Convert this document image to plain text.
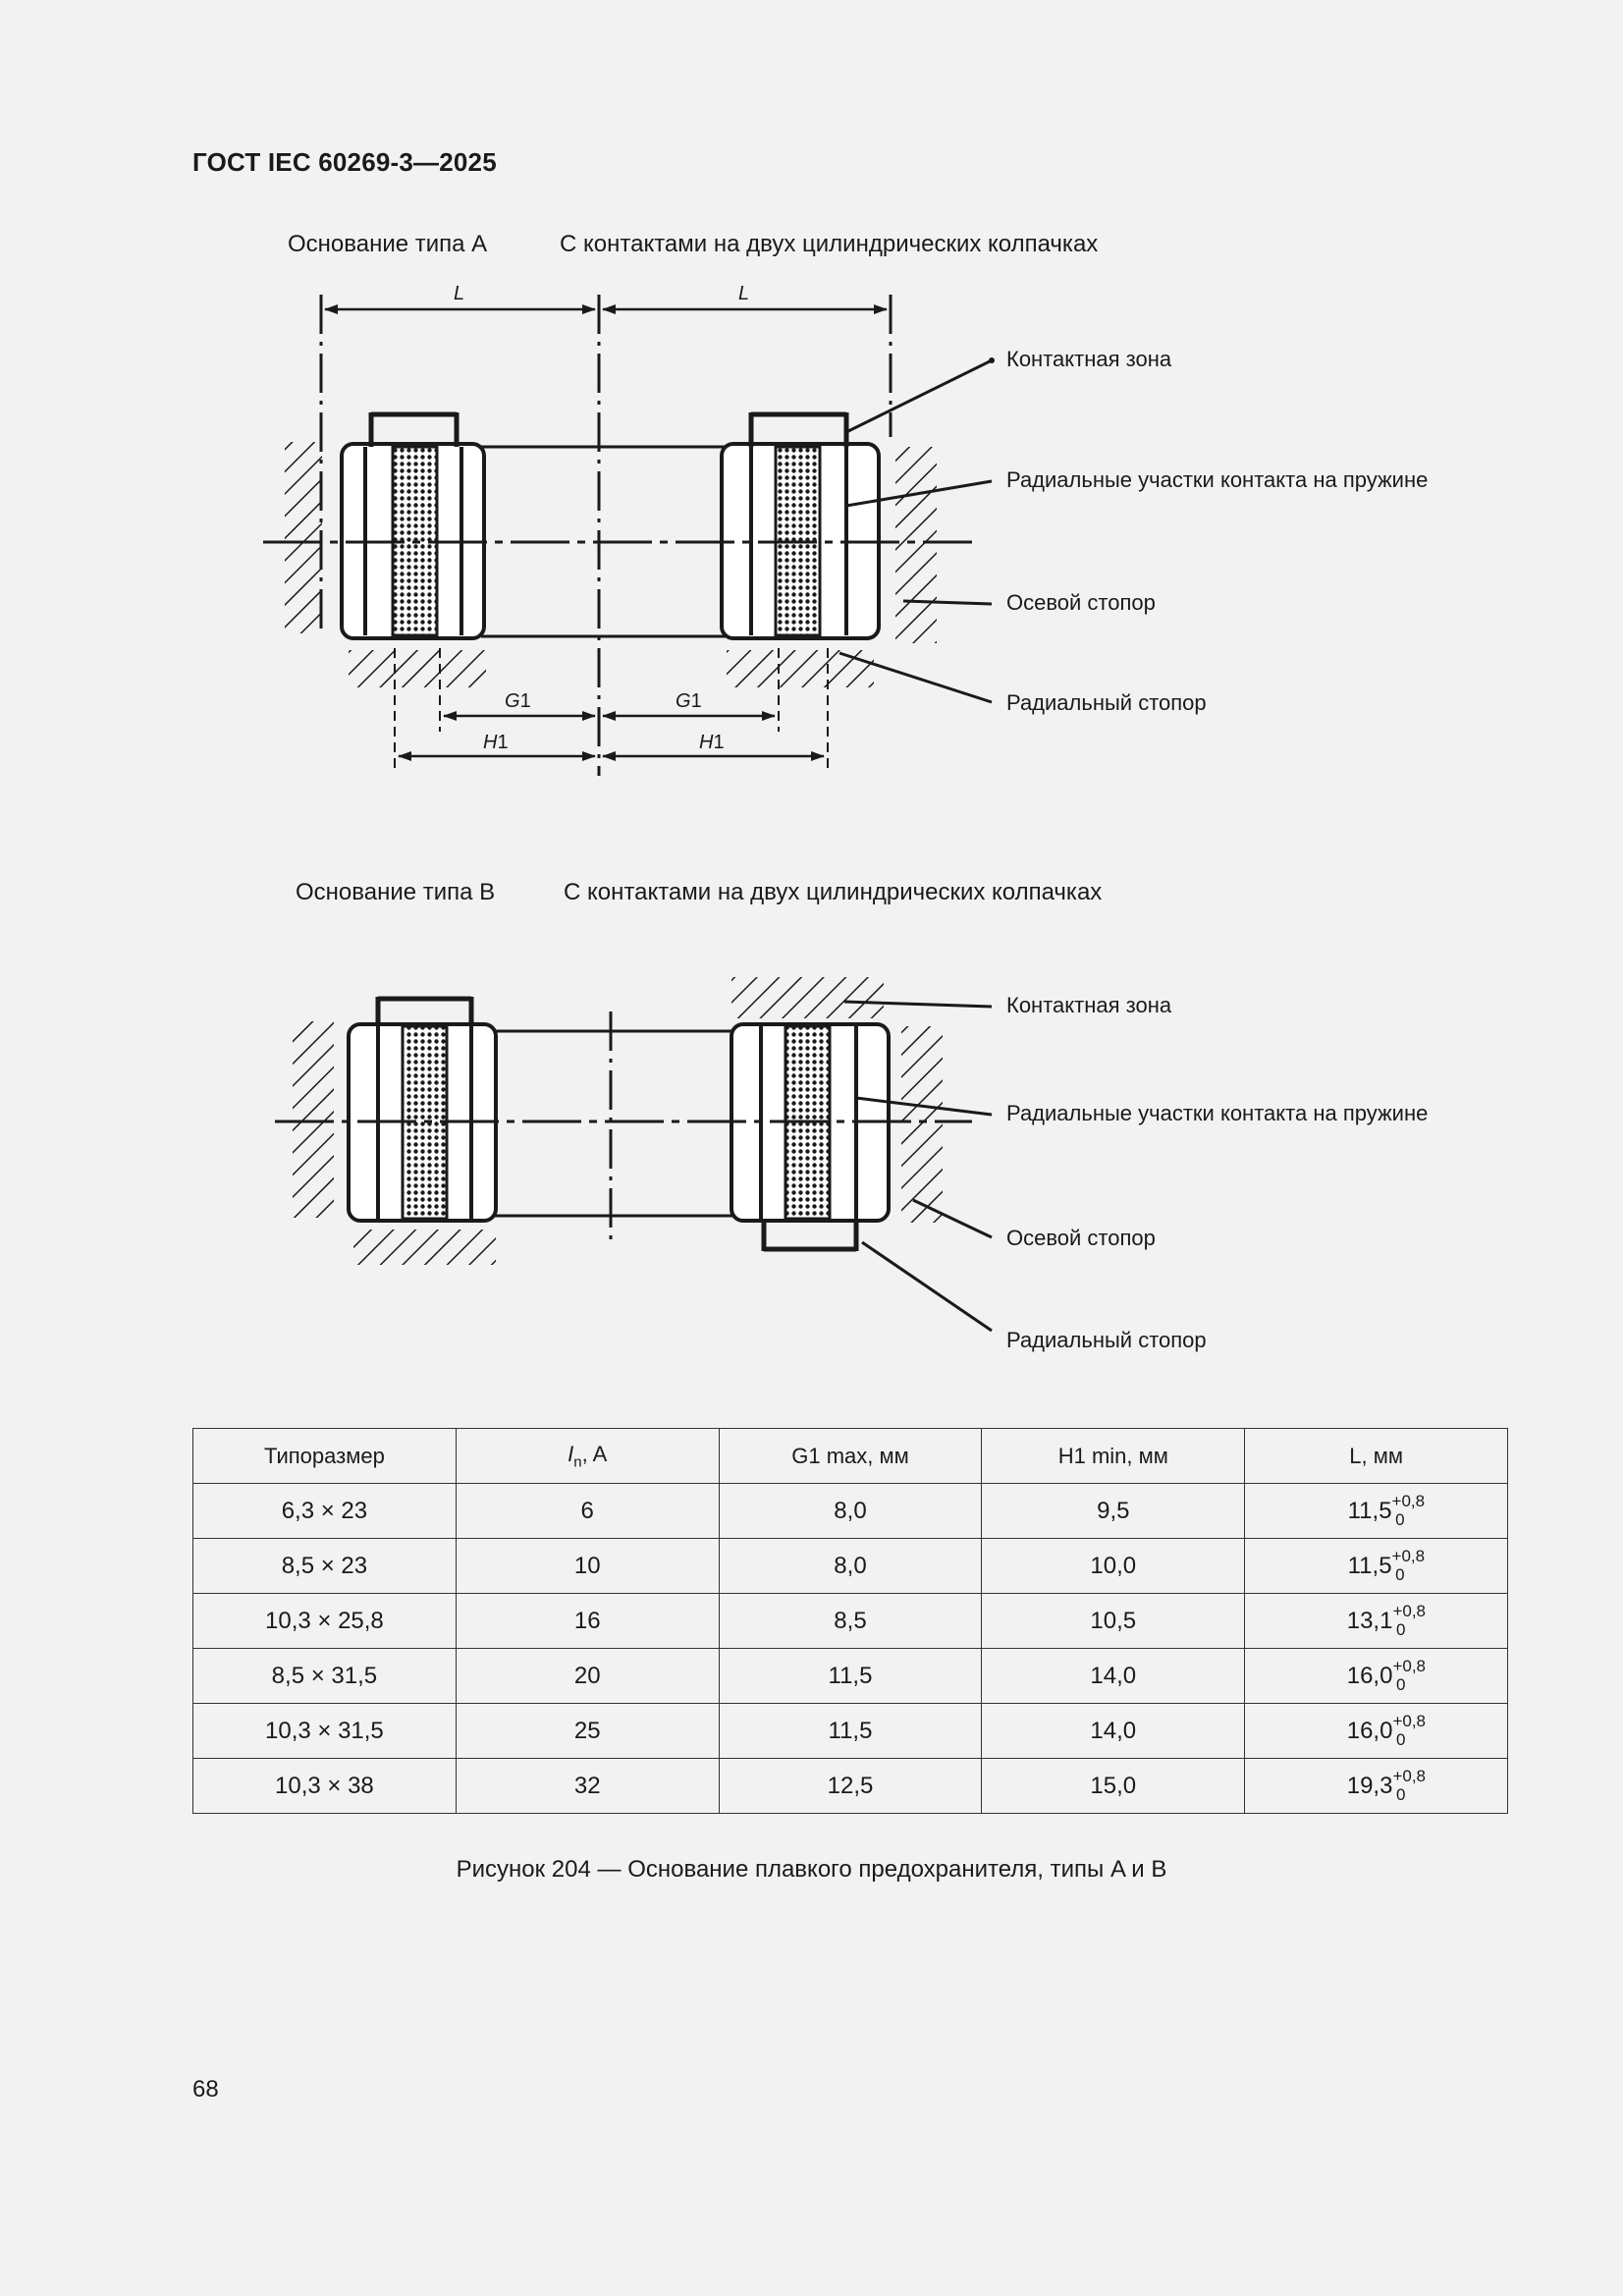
ГОСТ IEC 60269-3—2025
Основание типа A	С контактами на двух цилиндрических колпачках
Основание типа B	С контактами на двух цилиндрических колпачках
L	L
Контактная зона
Радиальные участки контакта на пружине
Осевой стопор
Радиальный стопор
G1	G1
H1	H1
Контактная зона
Радиальные участки контакта на пружине
Осевой стопор
Радиальный стопор
Типоразмер	$I_n$, A	G1 max, мм	H1 min, мм	L, мм
6,3 × 23	6	8,0	9,5	$11,5^{+0,8}_0$
8,5 × 23	10	8,0	10,0	$11,5^{+0,8}_0$
10,3 × 25,8	16	8,5	10,5	$13,1^{+0,8}_0$
8,5 × 31,5	20	11,5	14,0	$16,0^{+0,8}_0$
10,3 × 31,5	25	11,5	14,0	$16,0^{+0,8}_0$
10,3 × 38	32	12,5	15,0	$19,3^{+0,8}_0$
Рисунок 204 — Основание плавкого предохранителя, типы A и B
68
